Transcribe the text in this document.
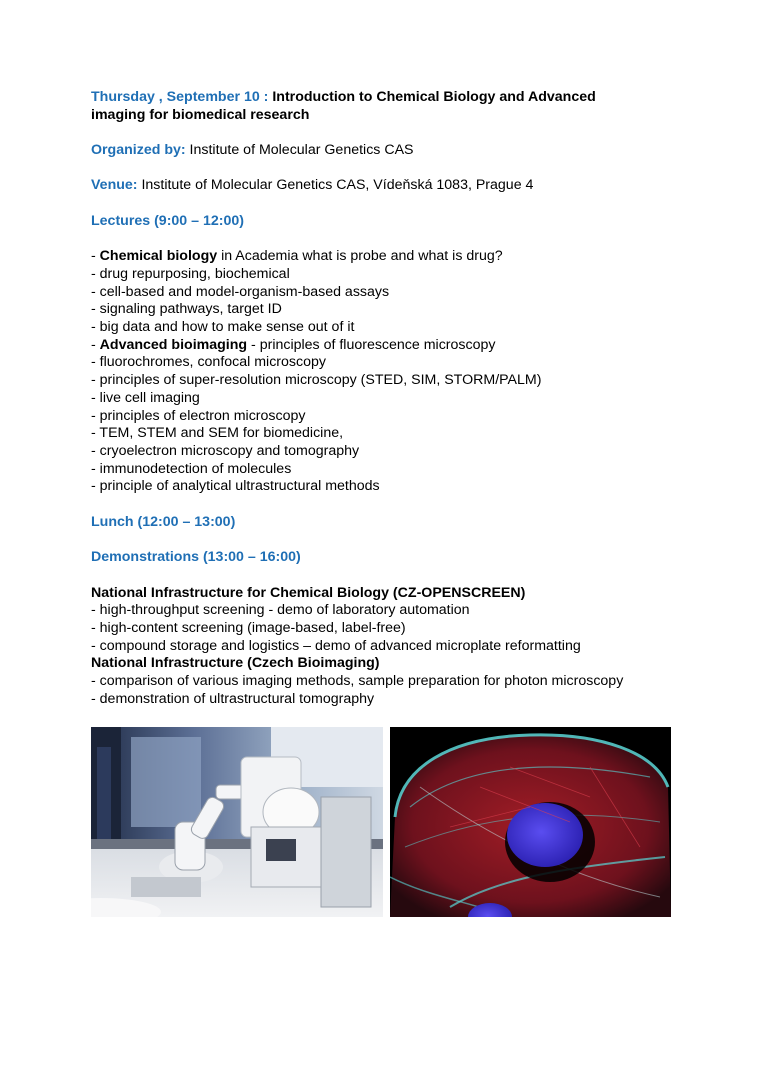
Thursday , September 10 : Introduction to Chemical Biology and Advanced
imaging for biomedical research
Organized by: Institute of Molecular Genetics CAS
Venue: Institute of Molecular Genetics CAS, Vídeňská 1083, Prague 4
Lectures (9:00 – 12:00)
- Chemical biology in Academia what is probe and what is drug?
- drug repurposing, biochemical
- cell-based and model-organism-based assays
- signaling pathways, target ID
- big data and how to make sense out of it
- Advanced bioimaging - principles of fluorescence microscopy
- fluorochromes, confocal microscopy
- principles of super-resolution microscopy (STED, SIM, STORM/PALM)
- live cell imaging
- principles of electron microscopy
- TEM, STEM and SEM for biomedicine,
- cryoelectron microscopy and tomography
- immunodetection of molecules
- principle of analytical ultrastructural methods
Lunch (12:00 – 13:00)
Demonstrations (13:00 – 16:00)
National Infrastructure for Chemical Biology (CZ-OPENSCREEN)
- high-throughput screening - demo of laboratory automation
- high-content screening (image-based, label-free)
- compound storage and logistics – demo of advanced microplate reformatting
National Infrastructure (Czech Bioimaging)
- comparison of various imaging methods, sample preparation for photon microscopy
- demonstration of ultrastructural tomography
